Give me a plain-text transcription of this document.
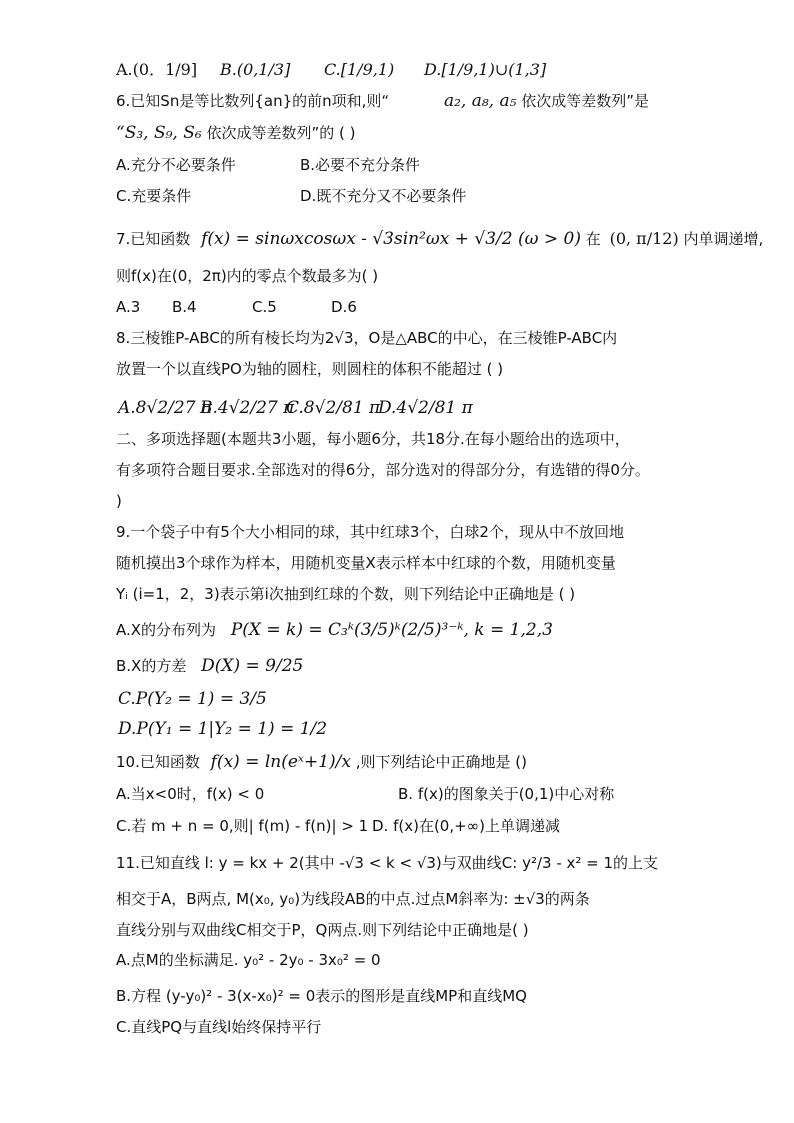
A.(0．1/9] B.(0,1/3] C.[1/9,1) D.[1/9,1)∪(1,3]
6.已知Sn是等比数列{an}的前n项和,则“	a₂, a₈, a₅ 依次成等差数列”是
“S₃, S₉, S₆ 依次成等差数列”的 ( )
A.充分不必要条件	B.必要不充分条件
C.充要条件	D.既不充分又不必要条件
7.已知函数 f(x) = sinωxcosωx - √3sin²ωx + √3/2 (ω > 0) 在 (0, π/12) 内单调递增,
则f(x)在(0，2π)内的零点个数最多为( )
A.3 B.4	C.5	D.6
8.三棱锥P-ABC的所有棱长均为2√3，O是△ABC的中心，在三棱锥P-ABC内
放置一个以直线PO为轴的圆柱，则圆柱的体积不能超过 ( )
A.8√2/27 π
B.4√2/27 π
C.8√2/81 π
D.4√2/81 π
二、多项选择题(本题共3小题，每小题6分，共18分.在每小题给出的选项中，
有多项符合题目要求.全部选对的得6分，部分选对的得部分分，有选错的得0分。
)
9.一个袋子中有5个大小相同的球，其中红球3个，白球2个，现从中不放回地
随机摸出3个球作为样本，用随机变量X表示样本中红球的个数，用随机变量
Yᵢ (i=1，2，3)表示第i次抽到红球的个数，则下列结论中正确地是 ( )
A.X的分布列为 P(X = k) = C₃ᵏ(3/5)ᵏ(2/5)³⁻ᵏ, k = 1,2,3
B.X的方差 D(X) = 9/25
C.P(Y₂ = 1) = 3/5
D.P(Y₁ = 1|Y₂ = 1) = 1/2
10.已知函数 f(x) = ln(eˣ+1)/x ,则下列结论中正确地是 ()
A.当x<0时，f(x) < 0	B. f(x)的图象关于(0,1)中心对称
C.若 m + n = 0,则| f(m) - f(n)| > 1 D. f(x)在(0,+∞)上单调递减
11.已知直线 l: y = kx + 2(其中 -√3 < k < √3)与双曲线C: y²/3 - x² = 1的上支
相交于A，B两点, M(x₀, y₀)为线段AB的中点.过点M斜率为: ±√3的两条
直线分别与双曲线C相交于P，Q两点.则下列结论中正确地是( )
A.点M的坐标满足. y₀² - 2y₀ - 3x₀² = 0
B.方程 (y-y₀)² - 3(x-x₀)² = 0表示的图形是直线MP和直线MQ
C.直线PQ与直线l始终保持平行
